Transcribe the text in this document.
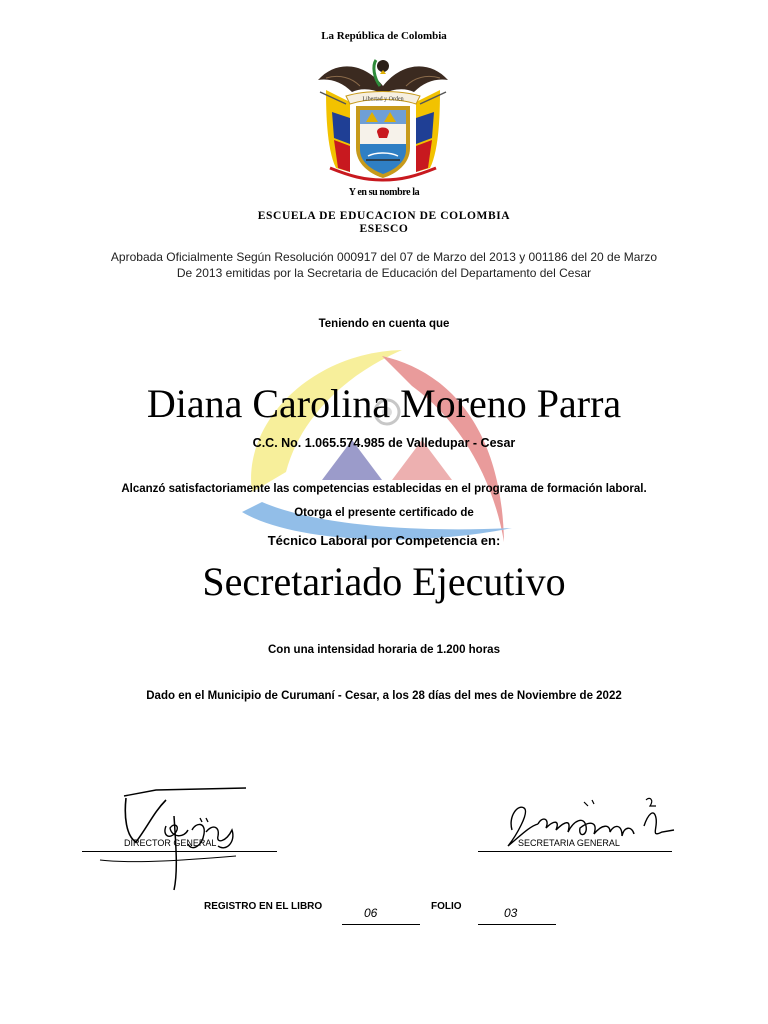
La República de Colombia
Libertad y Orden
Y en su nombre la
ESCUELA DE EDUCACION DE COLOMBIA
ESESCO
Aprobada Oficialmente Según Resolución 000917 del 07 de Marzo del 2013 y 001186 del 20 de Marzo
De 2013 emitidas por la Secretaria de Educación del Departamento del Cesar
Teniendo en cuenta que
Diana Carolina Moreno Parra
C.C. No. 1.065.574.985 de Valledupar - Cesar
Alcanzó satisfactoriamente las competencias establecidas en el programa de formación laboral.
Otorga el presente certificado de
Técnico Laboral por Competencia en:
Secretariado Ejecutivo
Con una intensidad horaria de 1.200 horas
Dado en el Municipio de Curumaní - Cesar, a los 28 días del mes de Noviembre de 2022
DIRECTOR GENERAL	SECRETARIA GENERAL
REGISTRO EN EL LIBRO	06	FOLIO	03
